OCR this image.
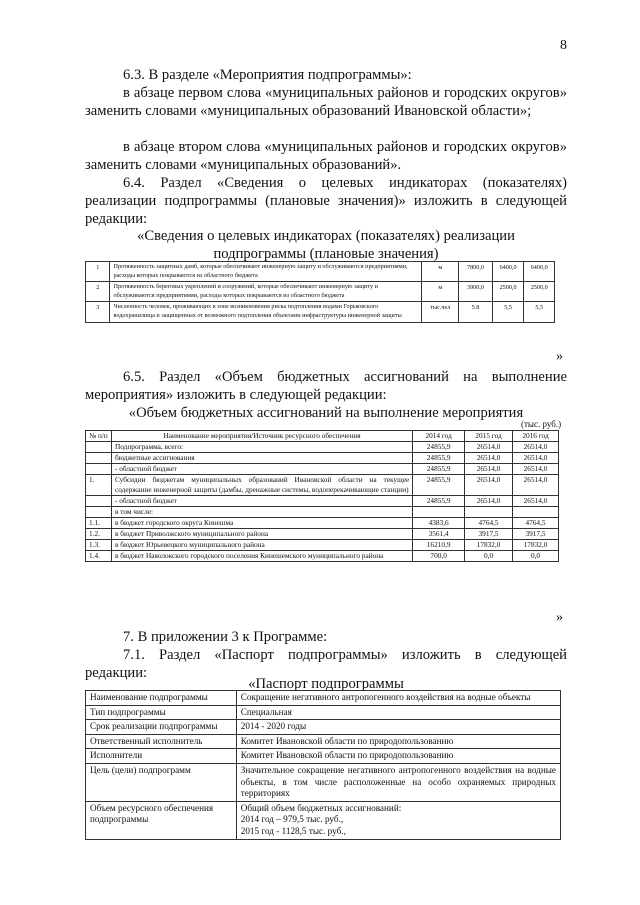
8
6.3. В разделе «Мероприятия подпрограммы»:
в абзаце первом слова «муниципальных районов и городских округов» заменить словами «муниципальных образований Ивановской области»;
в абзаце втором слова «муниципальных районов и городских округов» заменить словами «муниципальных образований».
6.4. Раздел «Сведения о целевых индикаторах (показателях) реализации подпрограммы (плановые значения)» изложить в следующей редакции:
«Сведения о целевых индикаторах (показателях) реализации
подпрограммы (плановые значения)
1	Протяженность защитных дамб, которые обеспечивают инженерную защиту и обслуживаются предприятиями, расходы которых покрываются из областного бюджета	м	7800,0	6400,0	6400,0
2	Протяженность береговых укреплений и сооружений, которые обеспечивают инженерную защиту и обслуживаются предприятиями, расходы которых покрываются из областного бюджета	м	3900,0	2500,0	2500,0
3	Численность человек, проживающих в зоне возникновения риска подтопления водами Горьковского водохранилища и защищенных от возможного подтопления объектами инфраструктуры инженерной защиты	тыс.чел	5.8	5,5	5,5
»
6.5. Раздел «Объем бюджетных ассигнований на выполнение мероприятия» изложить в следующей редакции:
«Объем бюджетных ассигнований на выполнение мероприятия
(тыс. руб.)
№ п/п	Наименование мероприятия/Источник ресурсного обеспечения	2014 год	2015 год	2016 год
	Подпрограмма, всего:	24855,9	26514,0	26514,0
	бюджетные ассигнования	24855,9	26514,0	26514,0
	- областной бюджет	24855,9	26514,0	26514,0
1.	Субсидии бюджетам муниципальных образований Ивановской области на текущее содержание инженерной защиты (дамбы, дренажные системы, водоперекачивающие станции)	24855,9	26514,0	26514,0
	- областной бюджет	24855,9	26514,0	26514,0
	в том числе:			
1.1.	в бюджет городского округа Кинешма	4383,6	4764,5	4764,5
1.2.	в бюджет Приволжского муниципального района	3561,4	3917,5	3917,5
1.3.	в бюджет Юрьевецкого муниципального района	16210,9	17832,0	17832,0
1.4.	в бюджет Наволокского городского поселения Кинешемского муниципального района	700,0	0,0	0,0
»
7. В приложении 3 к Программе:
7.1. Раздел «Паспорт подпрограммы» изложить в следующей редакции:
«Паспорт подпрограммы
Наименование подпрограммы	Сокращение негативного антропогенного воздействия на водные объекты
Тип подпрограммы	Специальная
Срок реализации подпрограммы	2014 - 2020 годы
Ответственный исполнитель	Комитет Ивановской области по природопользованию
Исполнители	Комитет Ивановской области по природопользованию
Цель (цели) подпрограмм	Значительное сокращение негативного антропогенного воздействия на водные объекты, в том числе расположенные на особо охраняемых природных территориях
Объем ресурсного обеспечения подпрограммы	Общий объем бюджетных ассигнований:
2014 год – 979,5 тыс. руб.,
2015 год - 1128,5 тыс. руб.,
